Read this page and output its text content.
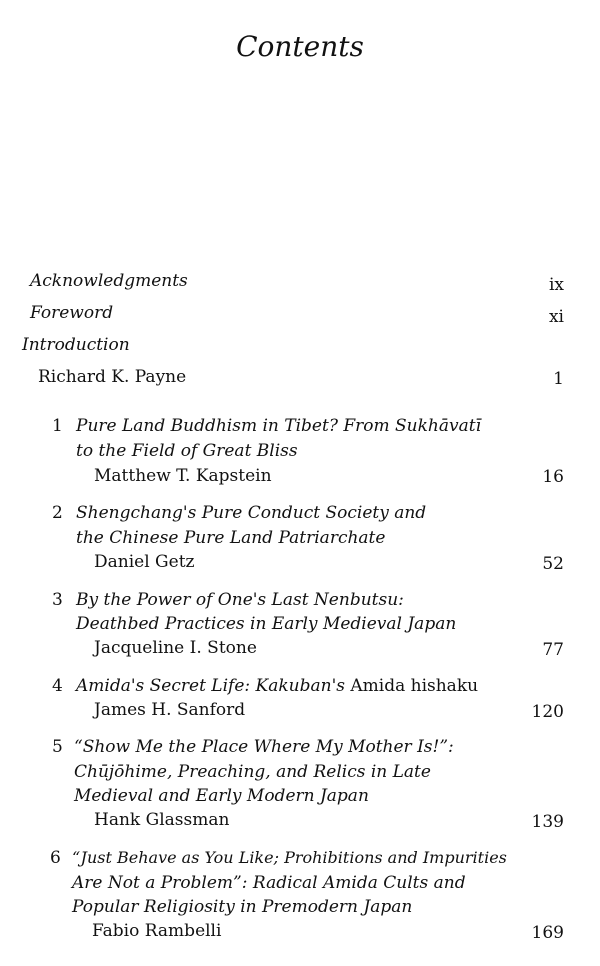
Contents
Acknowledgments	ix
Foreword	xi
Introduction
Richard K. Payne	1
1 Pure Land Buddhism in Tibet? From Sukhāvatī
to the Field of Great Bliss
Matthew T. Kapstein	16
2 Shengchang's Pure Conduct Society and
the Chinese Pure Land Patriarchate
Daniel Getz	52
3 By the Power of One's Last Nenbutsu:
Deathbed Practices in Early Medieval Japan
Jacqueline I. Stone	77
4 Amida's Secret Life: Kakuban's Amida hishaku
James H. Sanford	120
5 “Show Me the Place Where My Mother Is!”:
Chūjōhime, Preaching, and Relics in Late
Medieval and Early Modern Japan
Hank Glassman	139
6 “Just Behave as You Like; Prohibitions and Impurities
Are Not a Problem”: Radical Amida Cults and
Popular Religiosity in Premodern Japan
Fabio Rambelli	169
